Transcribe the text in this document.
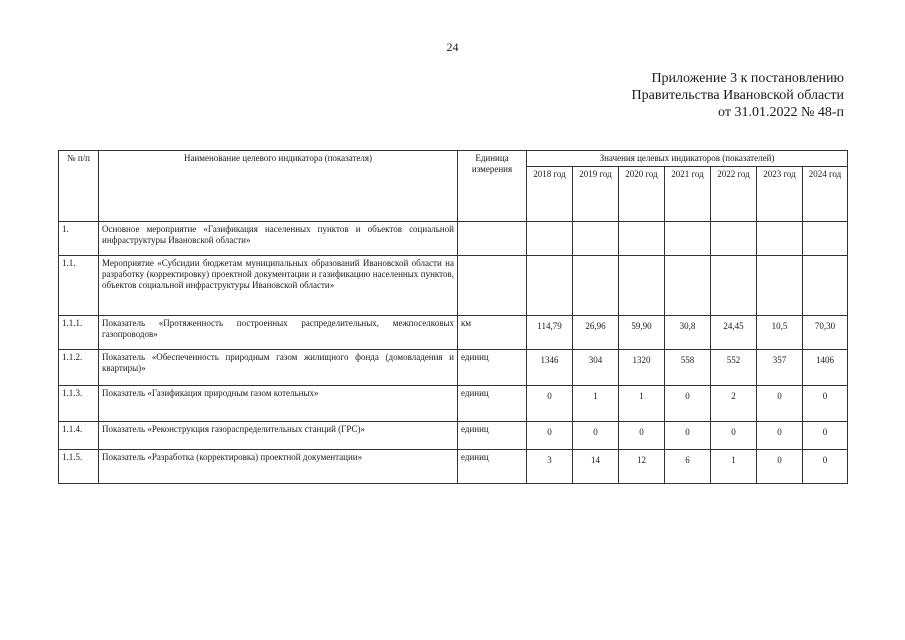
24
Приложение 3 к постановлению
Правительства Ивановской области
от 31.01.2022 № 48-п
№ п/п	Наименование целевого индикатора (показателя)	Единица измерения	Значения целевых индикаторов (показателей)						
			2018 год	2019 год	2020 год	2021 год	2022 год	2023 год	2024 год
1.	Основное мероприятие «Газификация населенных пунктов и объектов социальной инфраструктуры Ивановской области»								
1.1.	Мероприятие «Субсидии бюджетам муниципальных образований Ивановской области на разработку (корректировку) проектной документации и газификацию населенных пунктов, объектов социальной инфраструктуры Ивановской области»								
1.1.1.	Показатель «Протяженность построенных распределительных, межпоселковых газопроводов»	км	114,79	26,96	59,90	30,8	24,45	10,5	70,30
1.1.2.	Показатель «Обеспеченность природным газом жилищного фонда (домовладения и квартиры)»	единиц	1346	304	1320	558	552	357	1406
1.1.3.	Показатель «Газификация природным газом котельных»	единиц	0	1	1	0	2	0	0
1.1.4.	Показатель «Реконструкция газораспределительных станций (ГРС)»	единиц	0	0	0	0	0	0	0
1.1.5.	Показатель «Разработка (корректировка) проектной документации»	единиц	3	14	12	6	1	0	0
